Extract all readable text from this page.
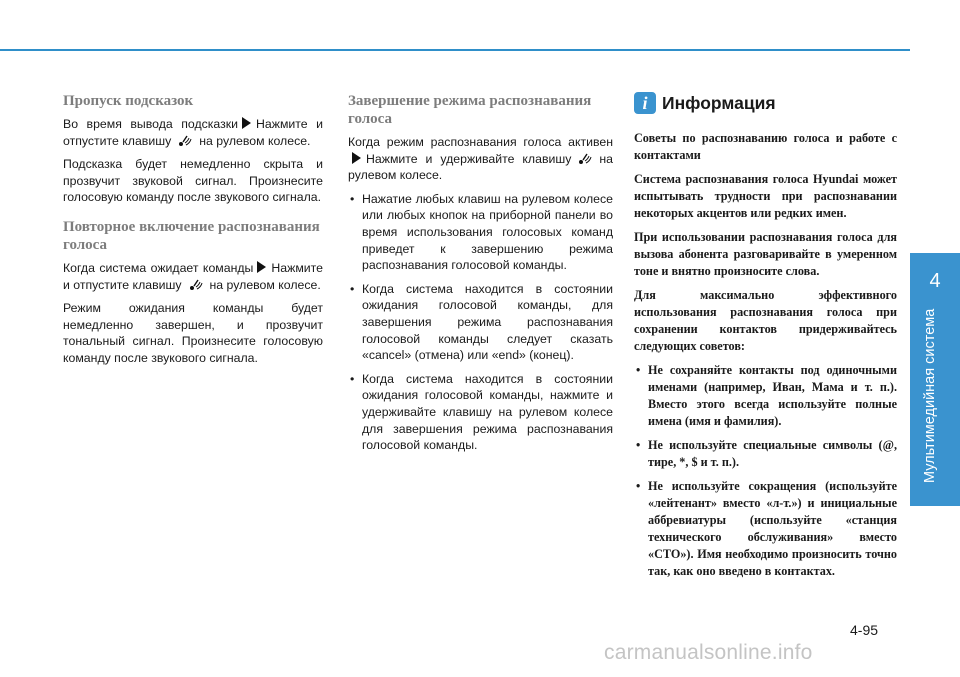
Пропуск подсказок

Во время вывода подсказки Нажмите и отпустите клавишу на рулевом колесе.

Подсказка будет немедленно скрыта и прозвучит звуковой сигнал. Произнесите голосовую команду после звукового сигнала.

Повторное включение распознавания голоса

Когда система ожидает команды Нажмите и отпустите клавишу на рулевом колесе.

Режим ожидания команды будет немедленно завершен, и прозвучит тональный сигнал. Произнесите голосовую команду после звукового сигнала.

Завершение режима распознавания голоса

Когда режим распознавания голоса активенНажмите и удерживайте клавишу на рулевом колесе.

• Нажатие любых клавиш на рулевом колесе или любых кнопок на приборной панели во время использования голосовых команд приведет к завершению режима распознавания голосовой команды.
• Когда система находится в состоянии ожидания голосовой команды, для завершения режима распознавания голосовой команды следует сказать «cancel» (отмена) или «end» (конец).
• Когда система находится в состоянии ожидания голосовой команды, нажмите и удерживайте клавишу на рулевом колесе для завершения режима распознавания голосовой команды.
i Информация

Советы по распознаванию голоса и работе с контактами

Система распознавания голоса Hyundai может испытывать трудности при распознавании некоторых акцентов или редких имен.

При использовании распознавания голоса для вызова абонента разговаривайте в умеренном тоне и внятно произносите слова.

Для максимально эффективного использования распознавания голоса при сохранении контактов придерживайтесь следующих советов:

• Не сохраняйте контакты под одиночными именами (например, Иван, Мама и т. п.). Вместо этого всегда используйте полные имена (имя и фамилия).
• Не используйте специальные символы (@, тире, *, $ и т. п.).
• Не используйте сокращения (используйте «лейтенант» вместо «л-т.») и инициальные аббревиатуры (используйте «станция технического обслуживания» вместо «СТО»). Имя необходимо произносить точно так, как оно введено в контактах.
4
Мультимедийная система
4-95
carmanualsonline.info
